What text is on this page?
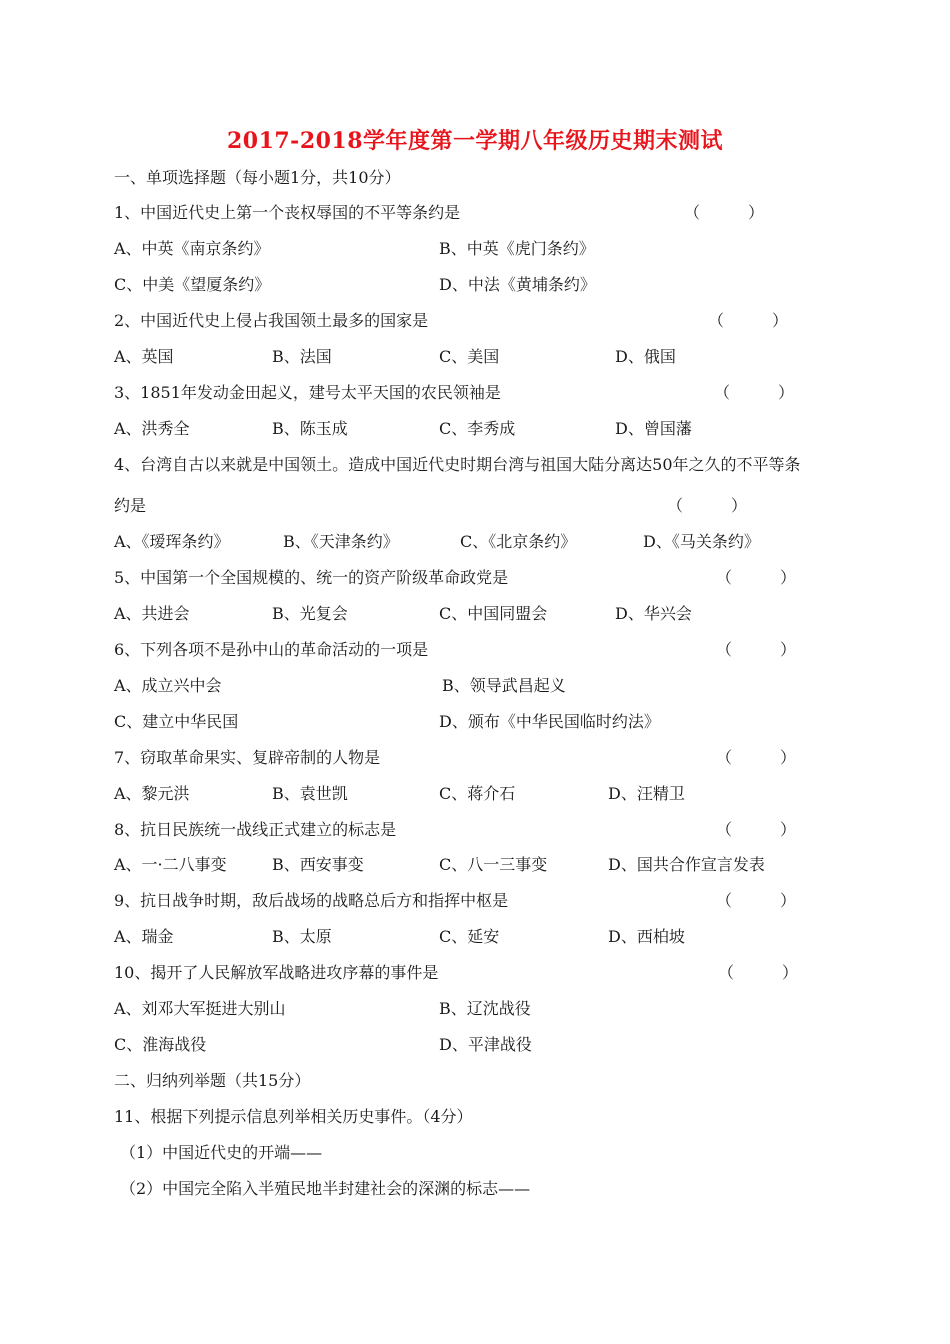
2017-2018学年度第一学期八年级历史期末测试
一、单项选择题（每小题1分，共10分）
1、中国近代史上第一个丧权辱国的不平等条约是	（　　　）
A、中英《南京条约》	B、中英《虎门条约》
C、中美《望厦条约》	D、中法《黄埔条约》
2、中国近代史上侵占我国领土最多的国家是	（　　　）
A、英国	B、法国	C、美国	D、俄国
3、1851年发动金田起义，建号太平天国的农民领袖是	（　　　）
A、洪秀全	B、陈玉成	C、李秀成	D、曾国藩
4、台湾自古以来就是中国领土。造成中国近代史时期台湾与祖国大陆分离达50年之久的不平等条
约是	（　　　）
A、《瑷珲条约》	B、《天津条约》	C、《北京条约》	D、《马关条约》
5、中国第一个全国规模的、统一的资产阶级革命政党是	（　　　）
A、共进会	B、光复会	C、中国同盟会	D、华兴会
6、下列各项不是孙中山的革命活动的一项是	（　　　）
A、成立兴中会	B、领导武昌起义
C、建立中华民国	D、颁布《中华民国临时约法》
7、窃取革命果实、复辟帝制的人物是	（　　　）
A、黎元洪	B、袁世凯	C、蒋介石	D、汪精卫
8、抗日民族统一战线正式建立的标志是	（　　　）
A、一·二八事变	B、西安事变	C、八一三事变	D、国共合作宣言发表
9、抗日战争时期，敌后战场的战略总后方和指挥中枢是	（　　　）
A、瑞金	B、太原	C、延安	D、西柏坡
10、揭开了人民解放军战略进攻序幕的事件是	（　　　）
A、刘邓大军挺进大别山	B、辽沈战役
C、淮海战役	D、平津战役
二、归纳列举题（共15分）
11、根据下列提示信息列举相关历史事件。（4分）
（1）中国近代史的开端——
（2）中国完全陷入半殖民地半封建社会的深渊的标志——
